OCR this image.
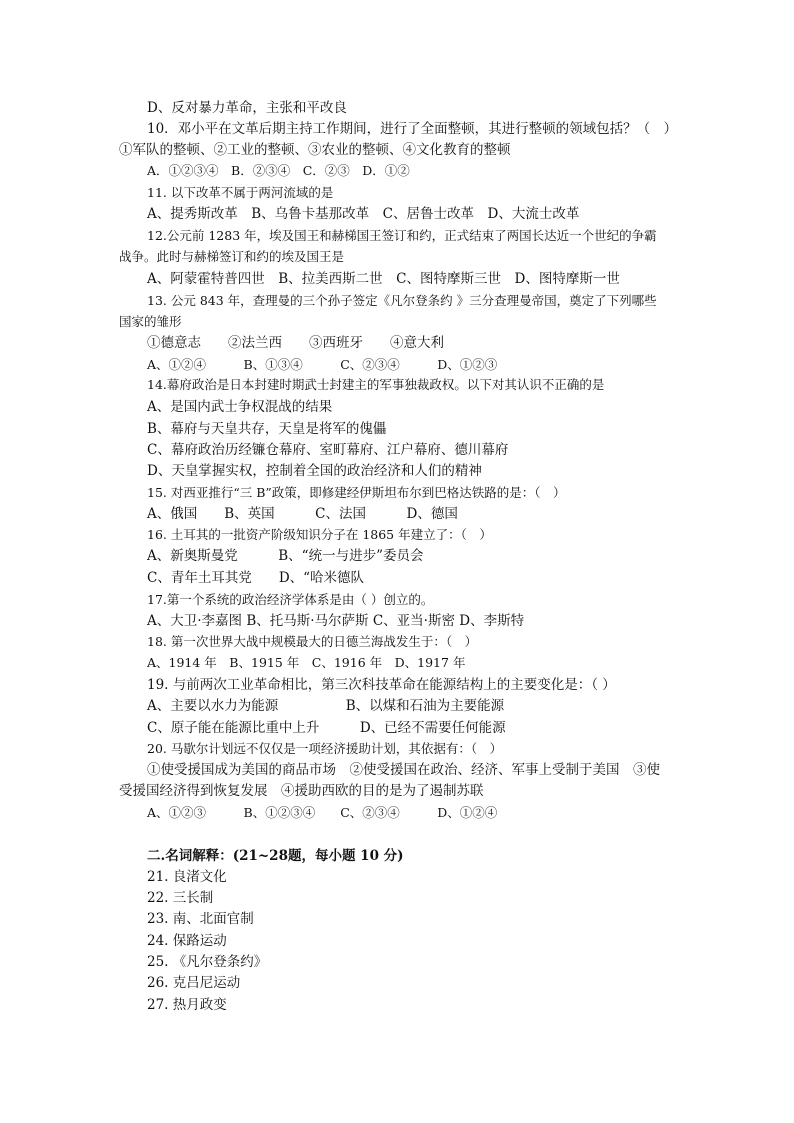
D、反对暴力革命，主张和平改良
10．邓小平在文革后期主持工作期间，进行了全面整顿，其进行整顿的领域包括？（　）
①军队的整顿、②工业的整顿、③农业的整顿、④文化教育的整顿
A．①②③④　B．②③④　C．②③　D．①②
11. 以下改革不属于两河流域的是
A、提秀斯改革　B、乌鲁卡基那改革　C、居鲁士改革　D、大流士改革
12.公元前 1283 年，埃及国王和赫梯国王签订和约，正式结束了两国长达近一个世纪的争霸
战争。此时与赫梯签订和约的埃及国王是
A、阿蒙霍特普四世　B、拉美西斯二世　C、图特摩斯三世　D、图特摩斯一世
13. 公元 843 年，查理曼的三个孙子签定《凡尔登条约 》三分查理曼帝国，奠定了下列哪些
国家的雏形
①德意志　　②法兰西　　③西班牙　　④意大利
A、①②④　　　B、①③④　　　C、②③④　　　D、①②③
14.幕府政治是日本封建时期武士封建主的军事独裁政权。以下对其认识不正确的是
A、是国内武士争权混战的结果
B、幕府与天皇共存，天皇是将军的傀儡
C、幕府政治历经镰仓幕府、室町幕府、江户幕府、德川幕府
D、天皇掌握实权，控制着全国的政治经济和人们的精神
15. 对西亚推行“三 B”政策，即修建经伊斯坦布尔到巴格达铁路的是：（　）
A、俄国　　B、英国　　　C、法国　　　D、德国
16. 土耳其的一批资产阶级知识分子在 1865 年建立了：（　）
A、新奥斯曼党　　　B、“统一与进步”委员会
C、青年土耳其党　　D、“哈米德队
17.第一个系统的政治经济学体系是由（ ）创立的。
A、大卫·李嘉图 B、托马斯·马尔萨斯 C、亚当·斯密 D、李斯特
18. 第一次世界大战中规模最大的日德兰海战发生于：（　）
A、1914 年　B、1915 年　C、1916 年　D、1917 年
19. 与前两次工业革命相比，第三次科技革命在能源结构上的主要变化是：（ ）
A、主要以水力为能源　　　　　B、以煤和石油为主要能源
C、原子能在能源比重中上升　　　D、已经不需要任何能源
20. 马歇尔计划远不仅仅是一项经济援助计划，其依据有：（　）
①使受援国成为美国的商品市场　②使受援国在政治、经济、军事上受制于美国　③使
受援国经济得到恢复发展　④援助西欧的目的是为了遏制苏联
A、①②③　　　B、①②③④　　C、②③④　　　D、①②④
二.名词解释：(21~28题，每小题 10 分)
21. 良渚文化
22. 三长制
23. 南、北面官制
24. 保路运动
25. 《凡尔登条约》
26. 克吕尼运动
27. 热月政变
